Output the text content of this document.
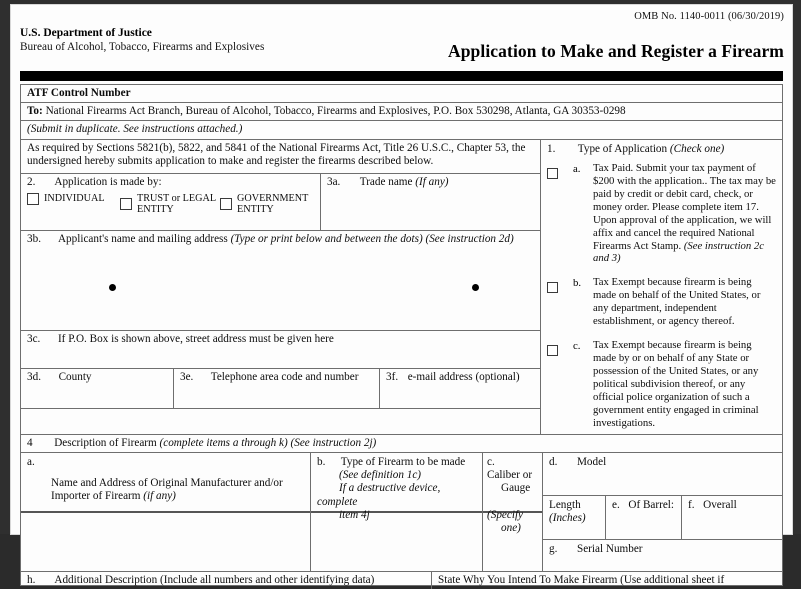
OMB No. 1140-0011 (06/30/2019)
U.S. Department of Justice
Bureau of Alcohol, Tobacco, Firearms and Explosives	Application to Make and Register a Firearm
ATF Control Number
To: National Firearms Act Branch, Bureau of Alcohol, Tobacco, Firearms and Explosives, P.O. Box 530298, Atlanta, GA 30353-0298
(Submit in duplicate. See instructions attached.)
As required by Sections 5821(b), 5822, and 5841 of the National Firearms Act, Title 26 U.S.C., Chapter 53, the undersigned hereby submits application to make and register the firearms described below.
2. Application is made by:
INDIVIDUAL	TRUST or LEGAL
ENTITY
GOVERNMENT
ENTITY
3a. Trade name (If any)
3b. Applicant's name and mailing address (Type or print below and between the dots) (See instruction 2d)
3c. If P.O. Box is shown above, street address must be given here
3d. County	3e. Telephone area code and number	3f. e-mail address (optional)
1. Type of Application (Check one)
a.	Tax Paid. Submit your tax payment of $200 with the application.. The tax may be paid by credit or debit card, check, or money order. Please complete item 17. Upon approval of the application, we will affix and cancel the required National Firearms Act Stamp. (See instruction 2c and 3)
b.	Tax Exempt because firearm is being made on behalf of the United States, or any department, independent establishment, or agency thereof.
c.	Tax Exempt because firearm is being made by or on behalf of any State or possession of the United States, or any political subdivision thereof, or any official police organization of such a government entity engaged in criminal investigations.
4 Description of Firearm (complete items a through k) (See instruction 2j)
a.
Name and Address of Original Manufacturer and/or
Importer of Firearm (if any)
b. Type of Firearm to be made
(See definition 1c)
If a destructive device, complete
item 4j
c.  Caliber or
Gauge
(Specify
one)
d. Model
Length
(Inches)
e. Of Barrel:	f. Overall
g. Serial Number
h. Additional Description (Include all numbers and other identifying data)	State Why You Intend To Make Firearm (Use additional sheet if
